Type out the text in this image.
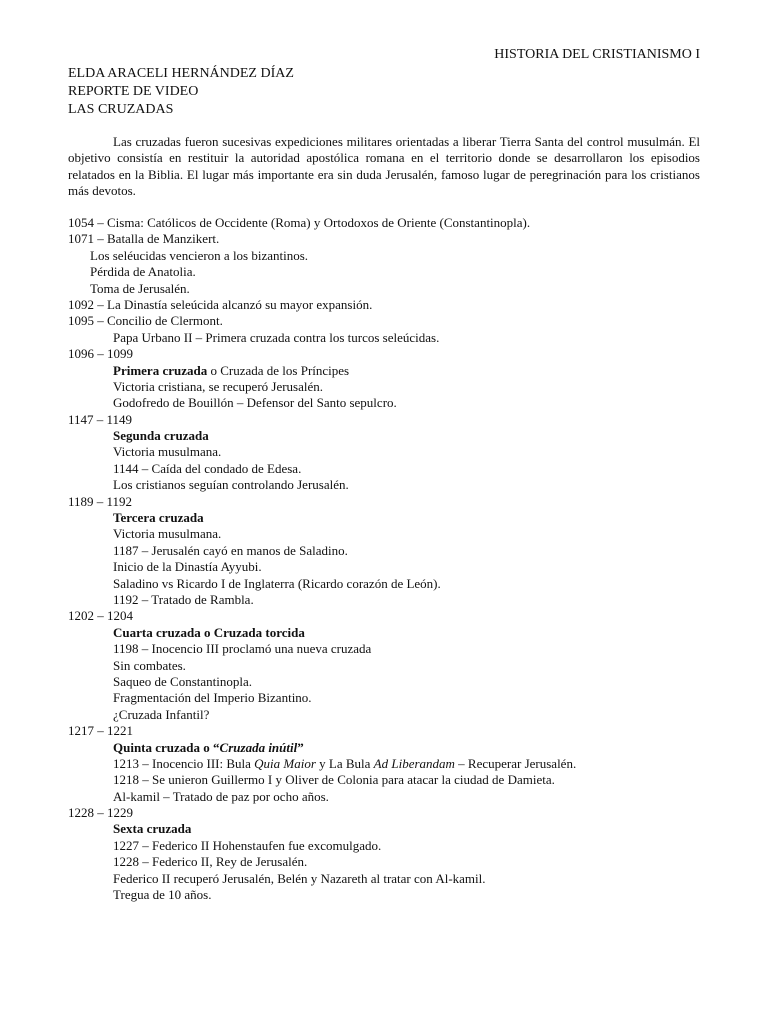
HISTORIA DEL CRISTIANISMO I
ELDA ARACELI HERNÁNDEZ DÍAZ
REPORTE DE VIDEO
LAS CRUZADAS

Las cruzadas fueron sucesivas expediciones militares orientadas a liberar Tierra Santa del control musulmán. El objetivo consistía en restituir la autoridad apostólica romana en el territorio donde se desarrollaron los episodios relatados en la Biblia. El lugar más importante era sin duda Jerusalén, famoso lugar de peregrinación para los cristianos más devotos.

1054 – Cisma: Católicos de Occidente (Roma) y Ortodoxos de Oriente (Constantinopla).
1071 – Batalla de Manzikert.
Los seléucidas vencieron a los bizantinos.
Pérdida de Anatolia.
Toma de Jerusalén.
1092 – La Dinastía seleúcida alcanzó su mayor expansión.
1095 – Concilio de Clermont.
Papa Urbano II – Primera cruzada contra los turcos seleúcidas.
1096 – 1099
Primera cruzada o Cruzada de los Príncipes
Victoria cristiana, se recuperó Jerusalén.
Godofredo de Bouillón – Defensor del Santo sepulcro.
1147 – 1149
Segunda cruzada
Victoria musulmana.
1144 – Caída del condado de Edesa.
Los cristianos seguían controlando Jerusalén.
1189 – 1192
Tercera cruzada
Victoria musulmana.
1187 – Jerusalén cayó en manos de Saladino.
Inicio de la Dinastía Ayyubi.
Saladino vs Ricardo I de Inglaterra (Ricardo corazón de León).
1192 – Tratado de Rambla.
1202 – 1204
Cuarta cruzada o Cruzada torcida
1198 – Inocencio III proclamó una nueva cruzada
Sin combates.
Saqueo de Constantinopla.
Fragmentación del Imperio Bizantino.
¿Cruzada Infantil?
1217 – 1221
Quinta cruzada o “Cruzada inútil”
1213 – Inocencio III: Bula Quia Maior y La Bula Ad Liberandam – Recuperar Jerusalén.
1218 – Se unieron Guillermo I y Oliver de Colonia para atacar la ciudad de Damieta.
Al-kamil – Tratado de paz por ocho años.
1228 – 1229
Sexta cruzada
1227 – Federico II Hohenstaufen fue excomulgado.
1228 – Federico II, Rey de Jerusalén.
Federico II recuperó Jerusalén, Belén y Nazareth al tratar con Al-kamil.
Tregua de 10 años.
